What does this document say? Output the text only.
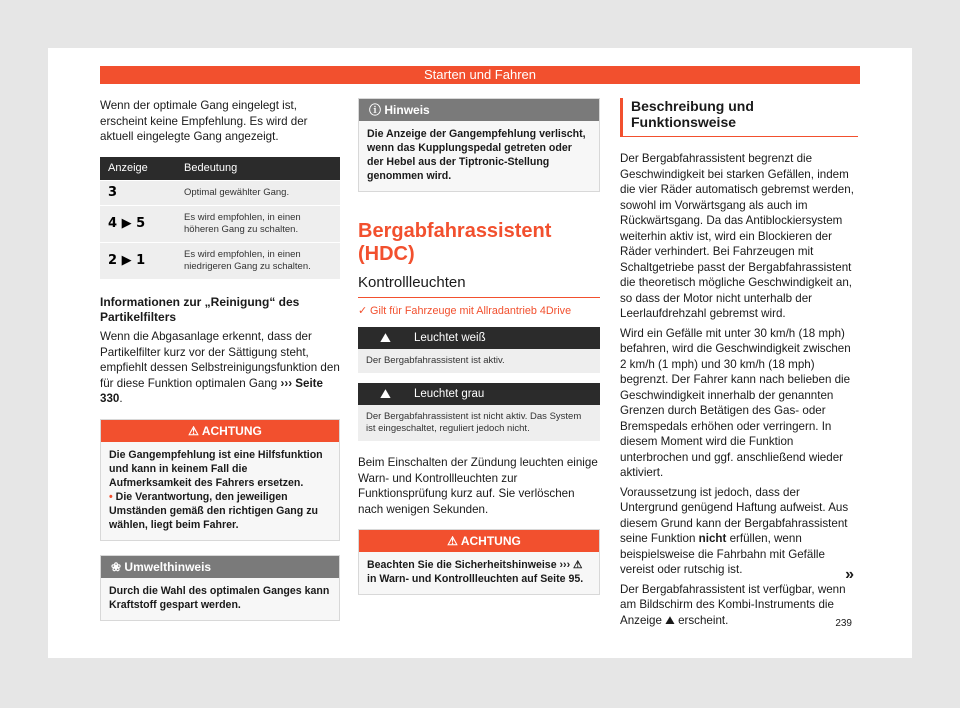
Starten und Fahren

Wenn der optimale Gang eingelegt ist, erscheint keine Empfehlung. Es wird der aktuell eingelegte Gang angezeigt.

Anzeige	Bedeutung
3	Optimal gewählter Gang.
4 ▶ 5	Es wird empfohlen, in einen höheren Gang zu schalten.
2 ▶ 1	Es wird empfohlen, in einen niedrigeren Gang zu schalten.
Informationen zur „Reinigung“ des Partikelfilters

Wenn die Abgasanlage erkennt, dass der Partikelfilter kurz vor der Sättigung steht, empfiehlt dessen Selbstreinigungsfunktion den für diese Funktion optimalen Gang ››› Seite 330.

⚠ ACHTUNG
Die Gangempfehlung ist eine Hilfsfunktion und kann in keinem Fall die Aufmerksamkeit des Fahrers ersetzen.
• Die Verantwortung, den jeweiligen Umständen gemäß den richtigen Gang zu wählen, liegt beim Fahrer.
❀ Umwelthinweis
Durch die Wahl des optimalen Ganges kann Kraftstoff gespart werden.
ⓘ Hinweis
Die Anzeige der Gangempfehlung verlischt, wenn das Kupplungspedal getreten oder der Hebel aus der Tiptronic-Stellung genommen wird.
Bergabfahrassistent (HDC)
Kontrollleuchten
✓ Gilt für Fahrzeuge mit Allradantrieb 4Drive
⛰ Leuchtet weiß
Der Bergabfahrassistent ist aktiv.
⛰ Leuchtet grau
Der Bergabfahrassistent ist nicht aktiv. Das System ist eingeschaltet, reguliert jedoch nicht.

Beim Einschalten der Zündung leuchten einige Warn- und Kontrollleuchten zur Funktionsprüfung kurz auf. Sie verlöschen nach wenigen Sekunden.

⚠ ACHTUNG
Beachten Sie die Sicherheitshinweise ››› ⚠ in Warn- und Kontrollleuchten auf Seite 95.
Beschreibung und Funktionsweise

Der Bergabfahrassistent begrenzt die Geschwindigkeit bei starken Gefällen, indem die vier Räder automatisch gebremst werden, sowohl im Vorwärtsgang als auch im Rückwärtsgang. Da das Antiblockiersystem weiterhin aktiv ist, wird ein Blockieren der Räder verhindert. Bei Fahrzeugen mit Schaltgetriebe passt der Bergabfahrassistent die theoretisch mögliche Geschwindigkeit an, so dass der Motor nicht unterhalb der Leerlaufdrehzahl gebremst wird.

Wird ein Gefälle mit unter 30 km/h (18 mph) befahren, wird die Geschwindigkeit zwischen 2 km/h (1 mph) und 30 km/h (18 mph) begrenzt. Der Fahrer kann nach belieben die Geschwindigkeit innerhalb der genannten Grenzen durch Betätigen des Gas- oder Bremspedals erhöhen oder verringern. In diesem Moment wird die Funktion unterbrochen und ggf. anschließend wieder aktiviert.

Voraussetzung ist jedoch, dass der Untergrund genügend Haftung aufweist. Aus diesem Grund kann der Bergabfahrassistent seine Funktion nicht erfüllen, wenn beispielsweise die Fahrbahn mit Gefälle vereist oder rutschig ist.

Der Bergabfahrassistent ist verfügbar, wenn am Bildschirm des Kombi-Instruments die Anzeige ⛰ erscheint.

»
239
